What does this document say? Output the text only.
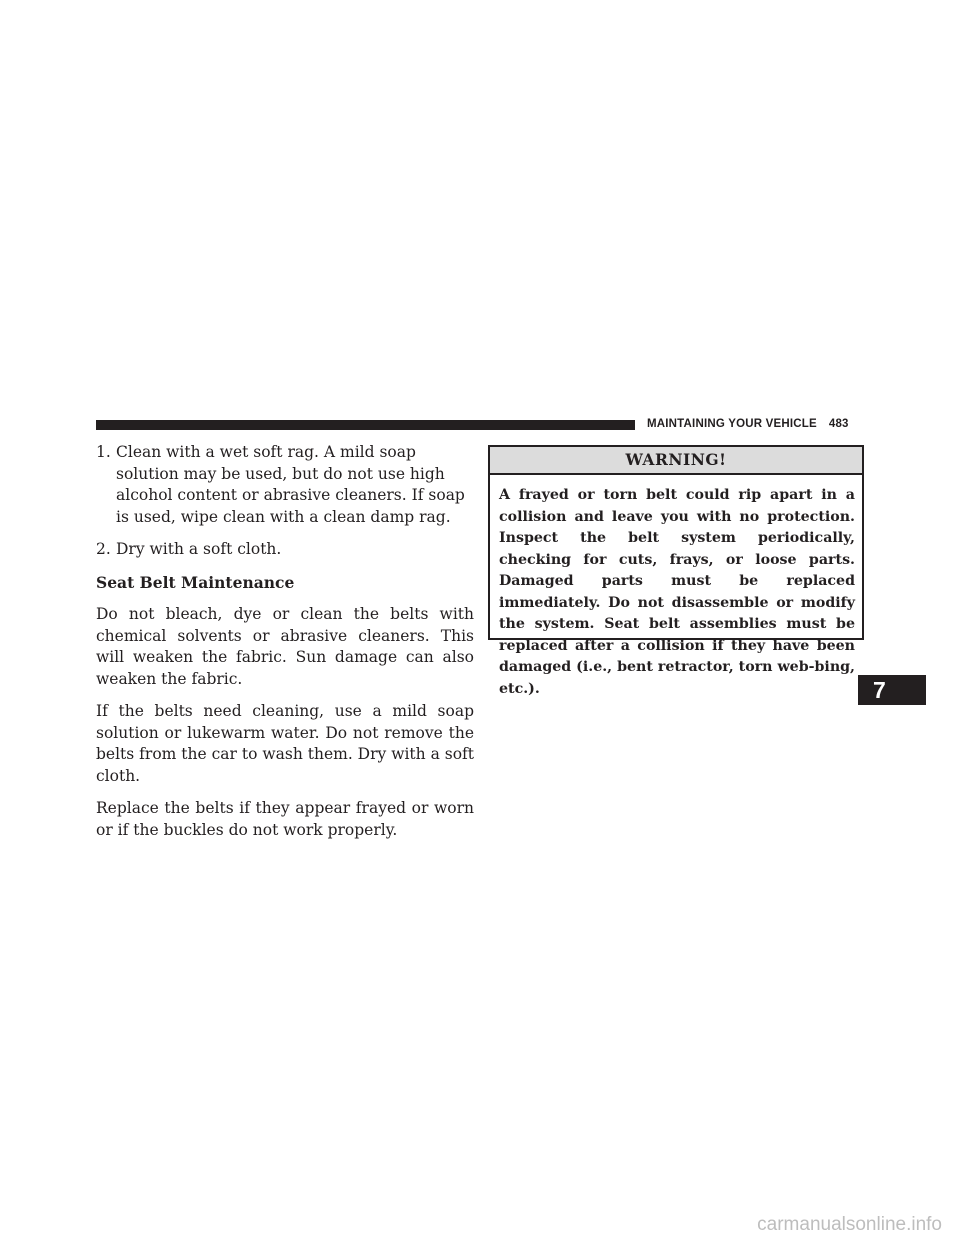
MAINTAINING YOUR VEHICLE 483
1. Clean with a wet soft rag. A mild soap solution may be used, but do not use high alcohol content or abrasive cleaners. If soap is used, wipe clean with a clean damp rag.
2. Dry with a soft cloth.

Seat Belt Maintenance

Do not bleach, dye or clean the belts with chemical solvents or abrasive cleaners. This will weaken the fabric. Sun damage can also weaken the fabric.

If the belts need cleaning, use a mild soap solution or lukewarm water. Do not remove the belts from the car to wash them. Dry with a soft cloth.

Replace the belts if they appear frayed or worn or if the buckles do not work properly.

WARNING!
A frayed or torn belt could rip apart in a collision and leave you with no protection. Inspect the belt system periodically, checking for cuts, frays, or loose parts. Damaged parts must be replaced immediately. Do not disassemble or modify the system. Seat belt assemblies must be replaced after a collision if they have been damaged (i.e., bent retractor, torn web-bing, etc.).	7
carmanualsonline.info
